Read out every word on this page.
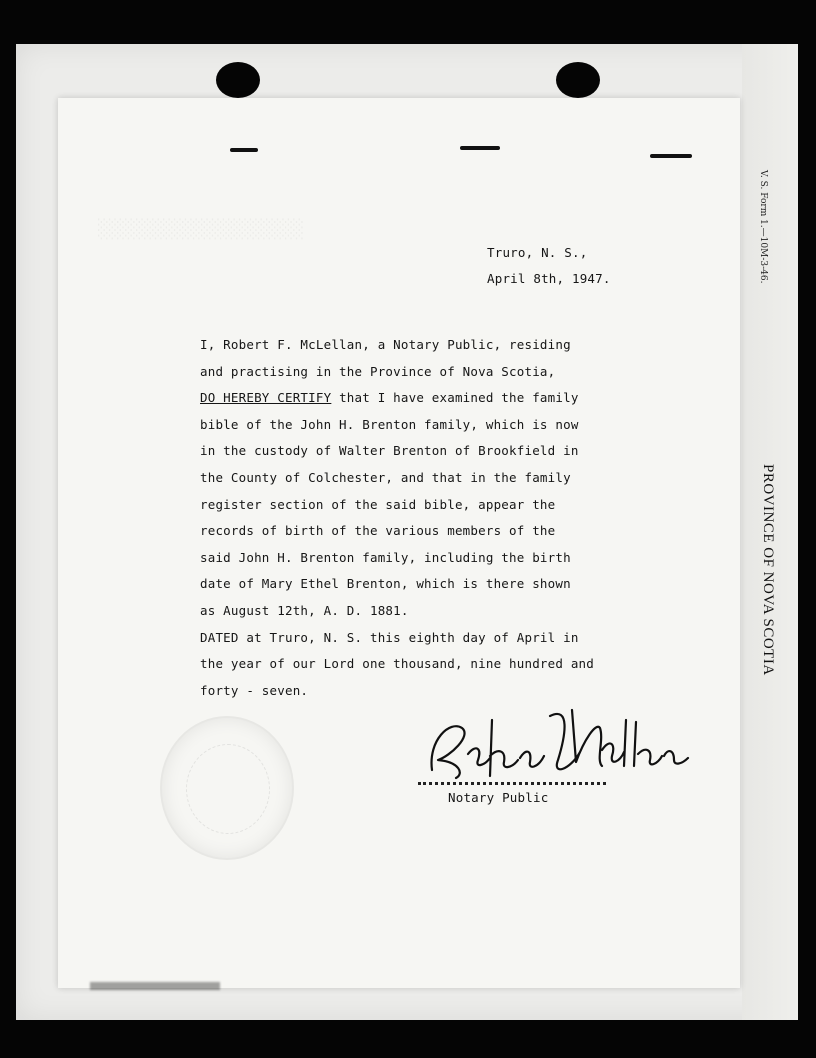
V. S. Form 1.—10M-3-46.
PROVINCE OF NOVA SCOTIA
Truro, N. S.,
April 8th, 1947.
I, Robert F. McLellan, a Notary Public, residing
and practising in the Province of Nova Scotia,
DO HEREBY CERTIFY that I have examined the family
bible of the John H. Brenton family, which is now
in the custody of Walter Brenton of Brookfield in
the County of Colchester, and that in the family
register section of the said bible, appear the
records of birth of the various members of the
said John H. Brenton family, including the birth
date of Mary Ethel Brenton, which is there shown
as August 12th, A. D. 1881.
DATED at Truro, N. S. this eighth day of April in
the year of our Lord one thousand, nine hundred and
forty - seven.
Notary Public
